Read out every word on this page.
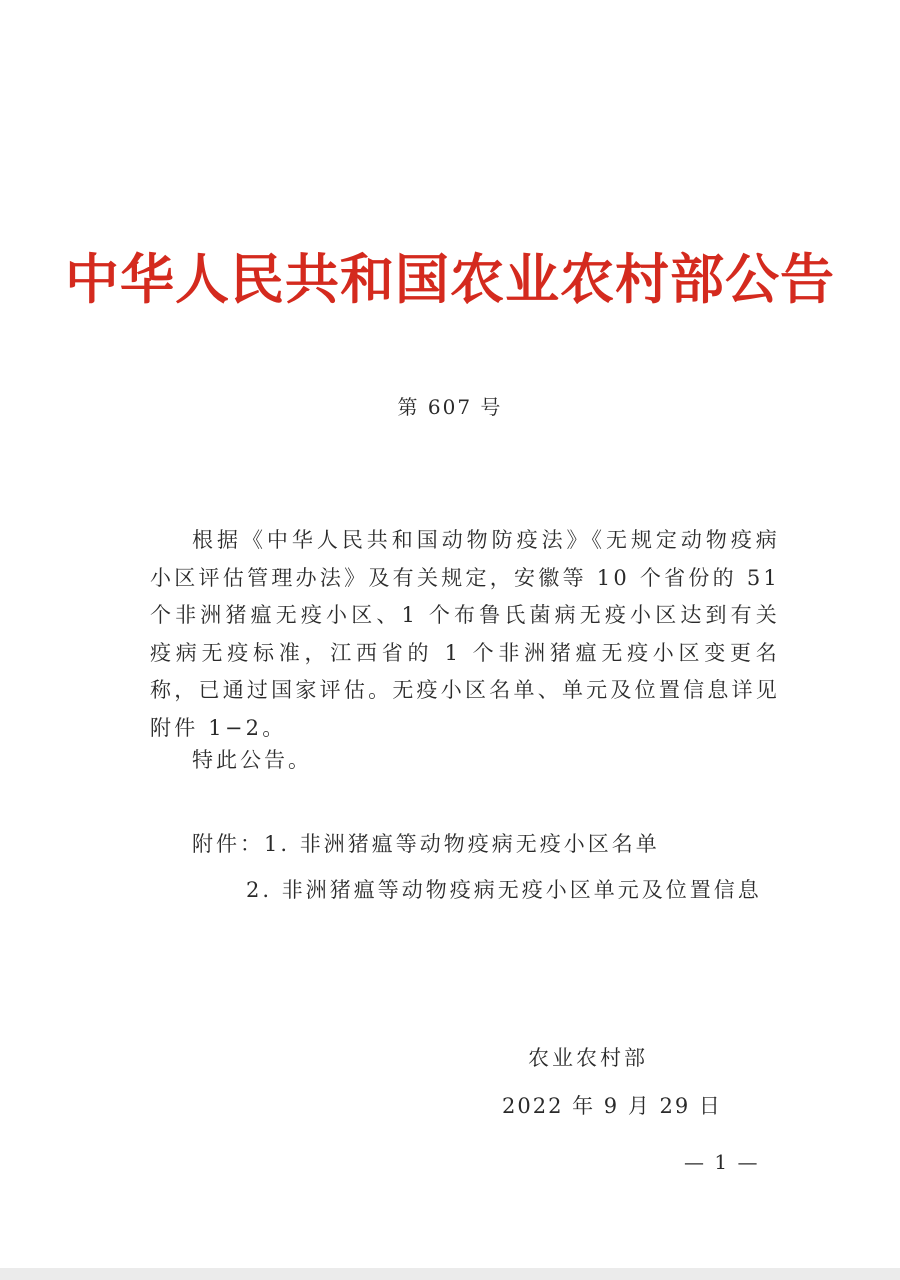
中华人民共和国农业农村部公告
第 607 号

根据《中华人民共和国动物防疫法》《无规定动物疫病小区评估管理办法》及有关规定，安徽等 10 个省份的 51 个非洲猪瘟无疫小区、1 个布鲁氏菌病无疫小区达到有关疫病无疫标准，江西省的 1 个非洲猪瘟无疫小区变更名称，已通过国家评估。无疫小区名单、单元及位置信息详见附件 1−2。

特此公告。
附件：1. 非洲猪瘟等动物疫病无疫小区名单
2. 非洲猪瘟等动物疫病无疫小区单元及位置信息
农业农村部
2022 年 9 月 29 日
— 1 —
